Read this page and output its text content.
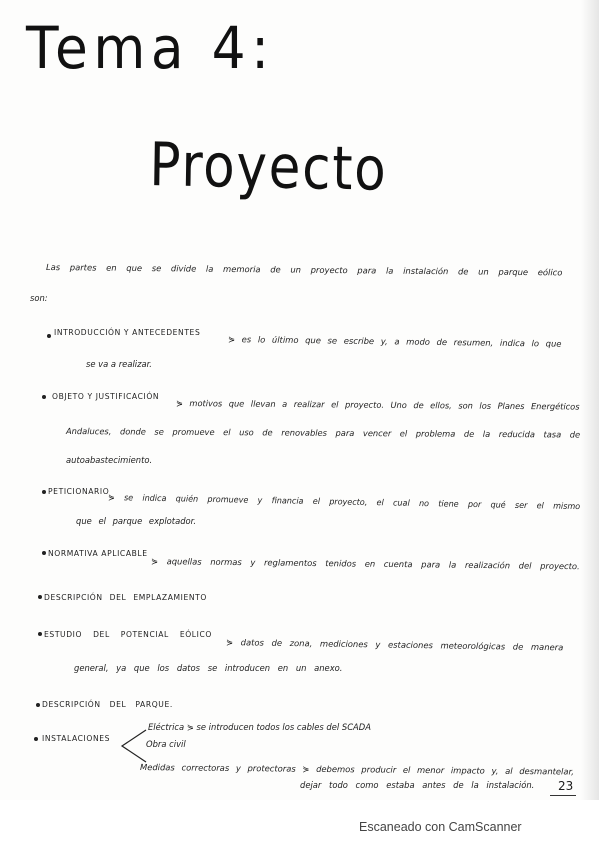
Tema 4:
Proyecto
Las partes en que se divide la memoria de un proyecto para la instalación de un parque eólico
son:
INTRODUCCIÓN Y ANTECEDENTES
⋟ es lo último que se escribe y, a modo de resumen, indica lo que
se va a realizar.
OBJETO Y JUSTIFICACIÓN
⋟ motivos que llevan a realizar el proyecto. Uno de ellos, son los Planes Energéticos
Andaluces, donde se promueve el uso de renovables para vencer el problema de la reducida tasa de
autoabastecimiento.
PETICIONARIO
⋟ se indica quién promueve y financia el proyecto, el cual no tiene por qué ser el mismo
que el parque explotador.
NORMATIVA APLICABLE
⋟ aquellas normas y reglamentos tenidos en cuenta para la realización del proyecto.
DESCRIPCIÓN DEL EMPLAZAMIENTO
ESTUDIO DEL POTENCIAL EÓLICO
⋟ datos de zona, mediciones y estaciones meteorológicas de manera
general, ya que los datos se introducen en un anexo.
DESCRIPCIÓN DEL PARQUE.
INSTALACIONES
Eléctrica ⋟ se introducen todos los cables del SCADA
Obra civil
Medidas correctoras y protectoras ⋟ debemos producir el menor impacto y, al desmantelar,
dejar todo como estaba antes de la instalación. 23
Escaneado con CamScanner
